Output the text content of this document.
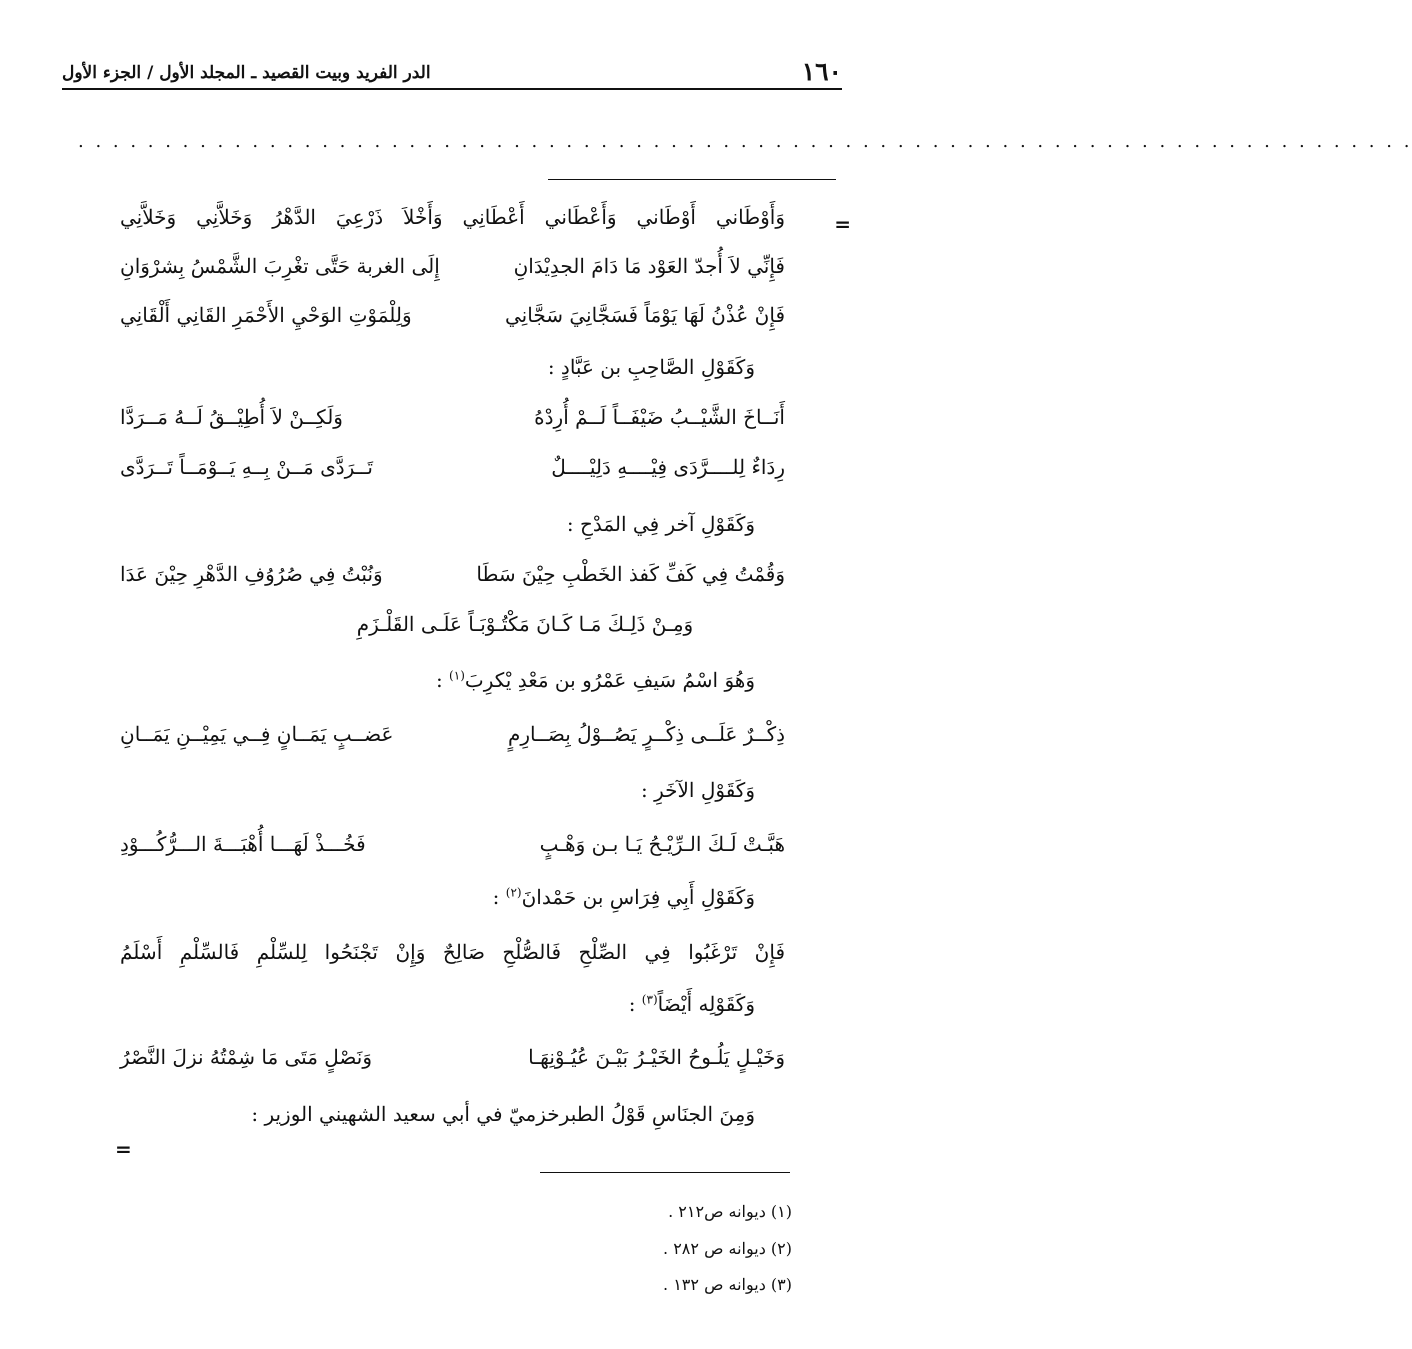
١٦٠
الدر الفريد وبيت القصيد ـ المجلد الأول / الجزء الأول
. . . . . . . . . . . . . . . . . . . . . . . . . . . . . . . . . . . . . . . . . . . . . . . . . . . . . . . . . . . . . . . . . . . . . . . . . . . . .
=
وَأَوْطَاني أَوْطَاني وَأَعْطَاني أَعْطَانِي وَأَخْلاَ ذَرْعِيَ الدَّهْرُ وَخَلاَّنِي وَخَلاَّنِي
فَإِنِّي لاَ أُجدّ العَوْد مَا دَامَ الجدِيْدَانِ
إِلَى الغربة حَتَّى تغْرِبَ الشَّمْسُ بِشرْوَانِ
فَإِنْ عُذْنُ لَهَا يَوْمَاً فَسَجَّانِيَ سَجَّانِي
وَلِلْمَوْتِ الوَحْيِ الأَحْمَرِ القَانِي أَلْقَانِي
وَكَقَوْلِ الصَّاحِبِ بن عَبَّادٍ :
أَنَــاخَ الشَّيْــبُ ضَيْفَــاً لَــمْ أُرِدْهُ
وَلَكِــنْ لاَ أُطِيْــقُ لَــهُ مَــرَدَّا
رِدَاءٌ لِلــــرَّدَى فِيْــــهِ دَلِيْــــلٌ
تَــرَدَّى مَــنْ بِــهِ يَــوْمَــاً تَــرَدَّى
وَكَقَوْلِ آخر فِي المَدْحِ :
وَقُمْتُ فِي كَفِّ كَفذ الخَطْبِ حِيْنَ سَطَا
وَنُبْتُ فِي صُرُوُفِ الدَّهْرِ حِيْنَ عَدَا
وَمِـنْ ذَلِـكَ مَـا كَـانَ مَكْتُـوْبَـاً عَلَـى القَلْـزَمِ
وَهُوَ اسْمُ سَيفِ عَمْرُو بن مَعْدِ يْكرِبَ$^{(١)}$ :
ذِكْــرٌ عَلَــى ذِكْــرٍ يَصُــوْلُ بِصَــارِمٍ
عَضــبٍ يَمَــانٍ فِــي يَمِيْــنِ يَمَــانِ
وَكَقَوْلِ الآخَرِ :
هَبَّـتْ لَـكَ الـرِّيْـحُ يَـا بـن وَهْـبٍ
فَخُـــذْ لَهَـــا أُهْبَـــةَ الـــرُّكُـــوْدِ
وَكَقَوْلِ أَبِي فِرَاسِ بن حَمْدانَ$^{(٢)}$ :
فَإِنْ تَرْغَبُوا فِي الصِّلْحِ فَالصُّلْحِ صَالِحٌ وَإِنْ تَجْنَحُوا لِلسِّلْمِ فَالسِّلْمِ أَسْلَمُ
وَكَقَوْلِه أَيْضَاً$^{(٣)}$ :
وَخَيْـلٍ يَلُـوحُ الخَيْـرُ بَيْـنَ عُيُـوْنِهَـا
وَنَصْلٍ مَتَى مَا شِمْتُهُ نزلَ النَّصْرُ
وَمِنَ الجنَاسِ قَوْلُ الطبرخزميّ في أبي سعيد الشهيني الوزير :
=
(١) ديوانه ص٢١٢ .
(٢) ديوانه ص ٢٨٢ .
(٣) ديوانه ص ١٣٢ .
